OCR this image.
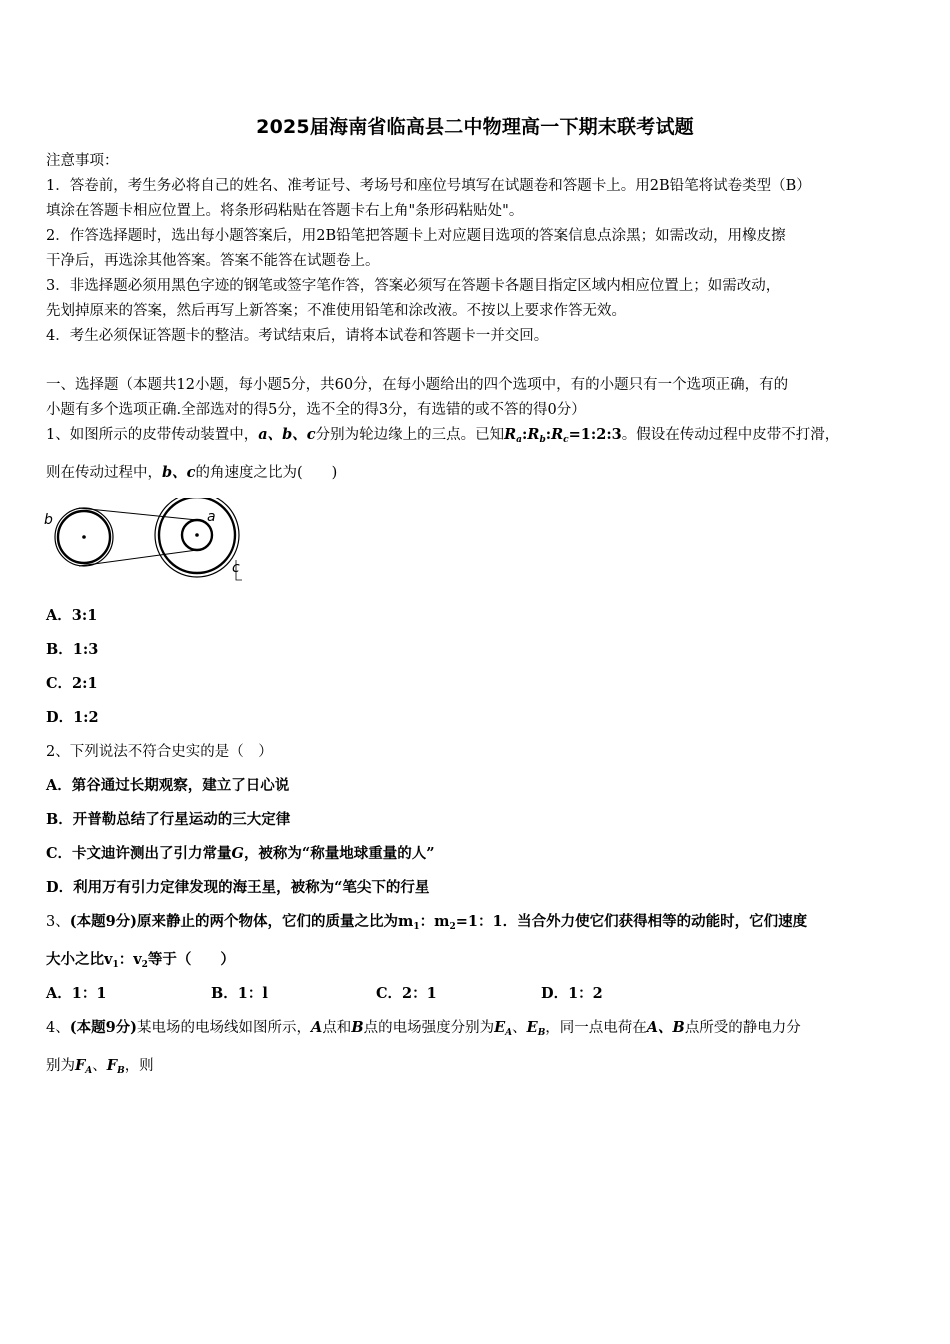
2025届海南省临高县二中物理高一下期末联考试题
注意事项：
1．答卷前，考生务必将自己的姓名、准考证号、考场号和座位号填写在试题卷和答题卡上。用2B铅笔将试卷类型（B）
填涂在答题卡相应位置上。将条形码粘贴在答题卡右上角"条形码粘贴处"。
2．作答选择题时，选出每小题答案后，用2B铅笔把答题卡上对应题目选项的答案信息点涂黑；如需改动，用橡皮擦
干净后，再选涂其他答案。答案不能答在试题卷上。
3．非选择题必须用黑色字迹的钢笔或签字笔作答，答案必须写在答题卡各题目指定区域内相应位置上；如需改动，
先划掉原来的答案，然后再写上新答案；不准使用铅笔和涂改液。不按以上要求作答无效。
4．考生必须保证答题卡的整洁。考试结束后，请将本试卷和答题卡一并交回。
一、选择题（本题共12小题，每小题5分，共60分，在每小题给出的四个选项中，有的小题只有一个选项正确，有的
小题有多个选项正确.全部选对的得5分，选不全的得3分，有选错的或不答的得0分）
1、如图所示的皮带传动装置中，a、b、c分别为轮边缘上的三点。已知$R_a:R_b:R_c=1:2:3$。假设在传动过程中皮带不打滑，
则在传动过程中，b、c的角速度之比为(　　)
b	a
c
A．3:1
B．1:3
C．2:1
D．1:2
2、下列说法不符合史实的是（　）
A．第谷通过长期观察，建立了日心说
B．开普勒总结了行星运动的三大定律
C．卡文迪许测出了引力常量G，被称为“称量地球重量的人”
D．利用万有引力定律发现的海王星，被称为“笔尖下的行星
3、(本题9分)原来静止的两个物体，它们的质量之比为$m_1$：$m_2=1$：1．当合外力使它们获得相等的动能时，它们速度
大小之比$v_1$：$v_2$等于（　　）
A．1：1	B．1：l	C．2：1	D．1：2
4、(本题9分)某电场的电场线如图所示，A点和B点的电场强度分别为$E_A$、$E_B$，同一点电荷在A、B点所受的静电力分
别为$F_A$、$F_B$，则
